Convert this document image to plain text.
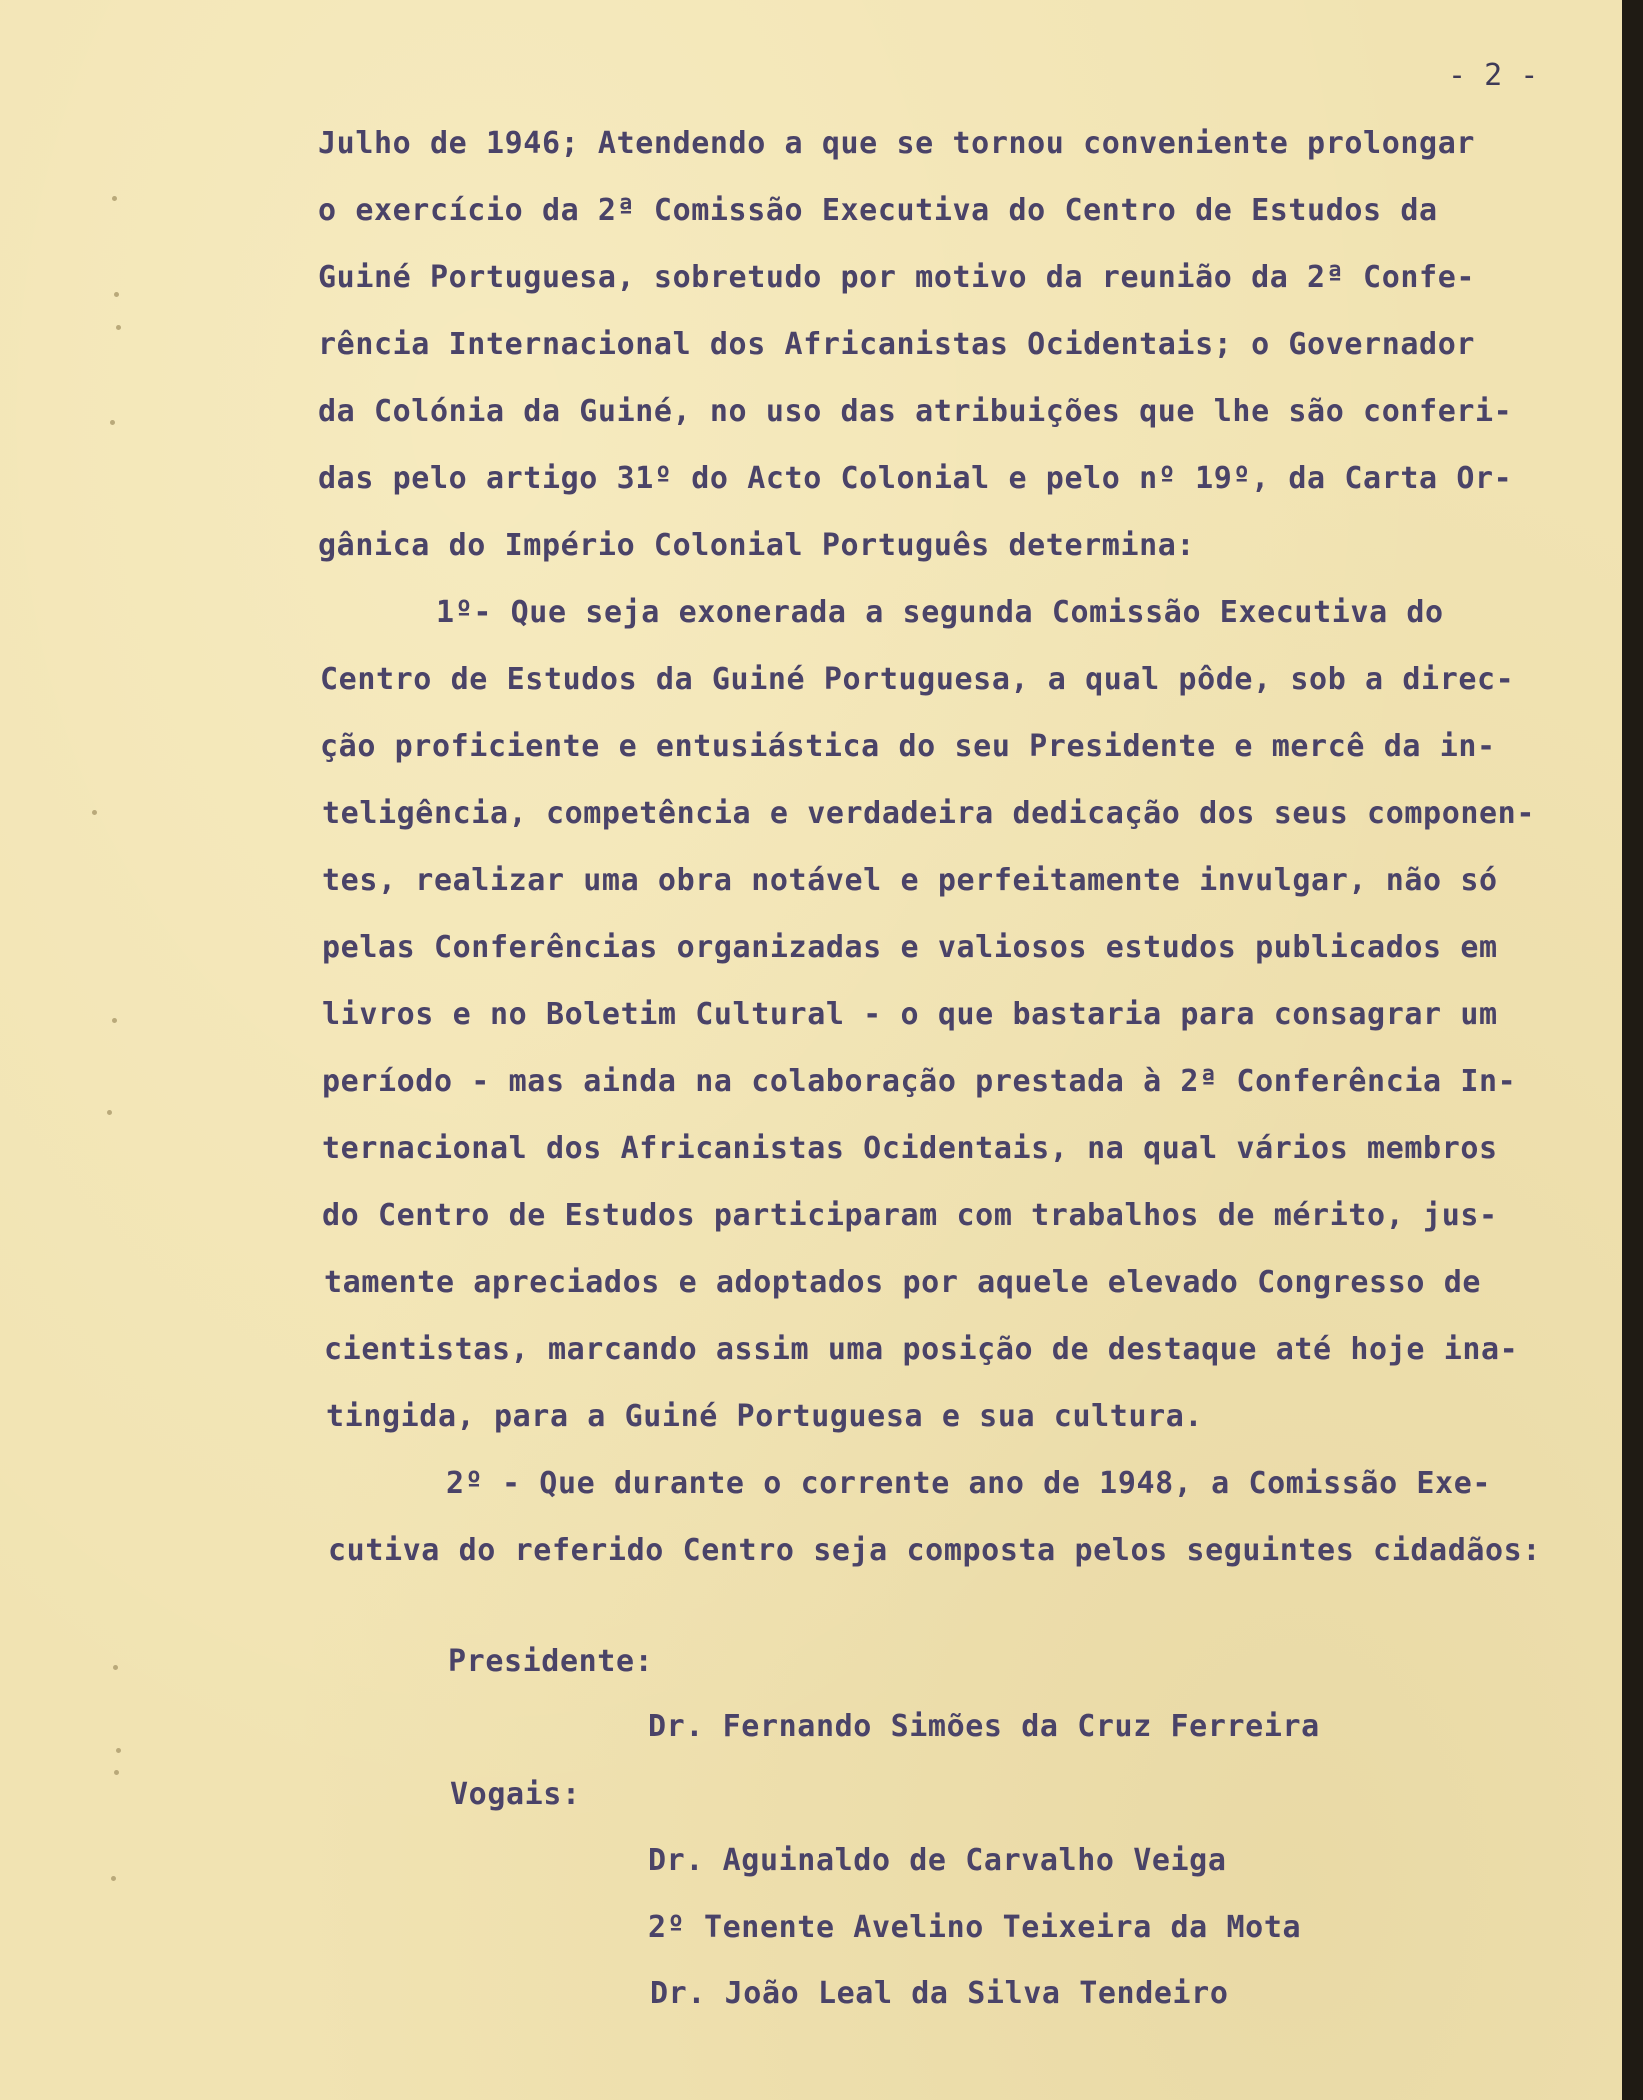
- 2 -
Julho de 1946; Atendendo a que se tornou conveniente prolongar
o exercício da 2ª Comissão Executiva do Centro de Estudos da
Guiné Portuguesa, sobretudo por motivo da reunião da 2ª Confe-
rência Internacional dos Africanistas Ocidentais; o Governador
da Colónia da Guiné, no uso das atribuições que lhe são conferi-
das pelo artigo 31º do Acto Colonial e pelo nº 19º, da Carta Or-
gânica do Império Colonial Português determina:
1º- Que seja exonerada a segunda Comissão Executiva do
Centro de Estudos da Guiné Portuguesa, a qual pôde, sob a direc-
ção proficiente e entusiástica do seu Presidente e mercê da in-
teligência, competência e verdadeira dedicação dos seus componen-
tes, realizar uma obra notável e perfeitamente invulgar, não só
pelas Conferências organizadas e valiosos estudos publicados em
livros e no Boletim Cultural - o que bastaria para consagrar um
período - mas ainda na colaboração prestada à 2ª Conferência In-
ternacional dos Africanistas Ocidentais, na qual vários membros
do Centro de Estudos participaram com trabalhos de mérito, jus-
tamente apreciados e adoptados por aquele elevado Congresso de
cientistas, marcando assim uma posição de destaque até hoje ina-
tingida, para a Guiné Portuguesa e sua cultura.
2º - Que durante o corrente ano de 1948, a Comissão Exe-
cutiva do referido Centro seja composta pelos seguintes cidadãos:
Presidente:
Dr. Fernando Simões da Cruz Ferreira
Vogais:
Dr. Aguinaldo de Carvalho Veiga
2º Tenente Avelino Teixeira da Mota
Dr. João Leal da Silva Tendeiro
